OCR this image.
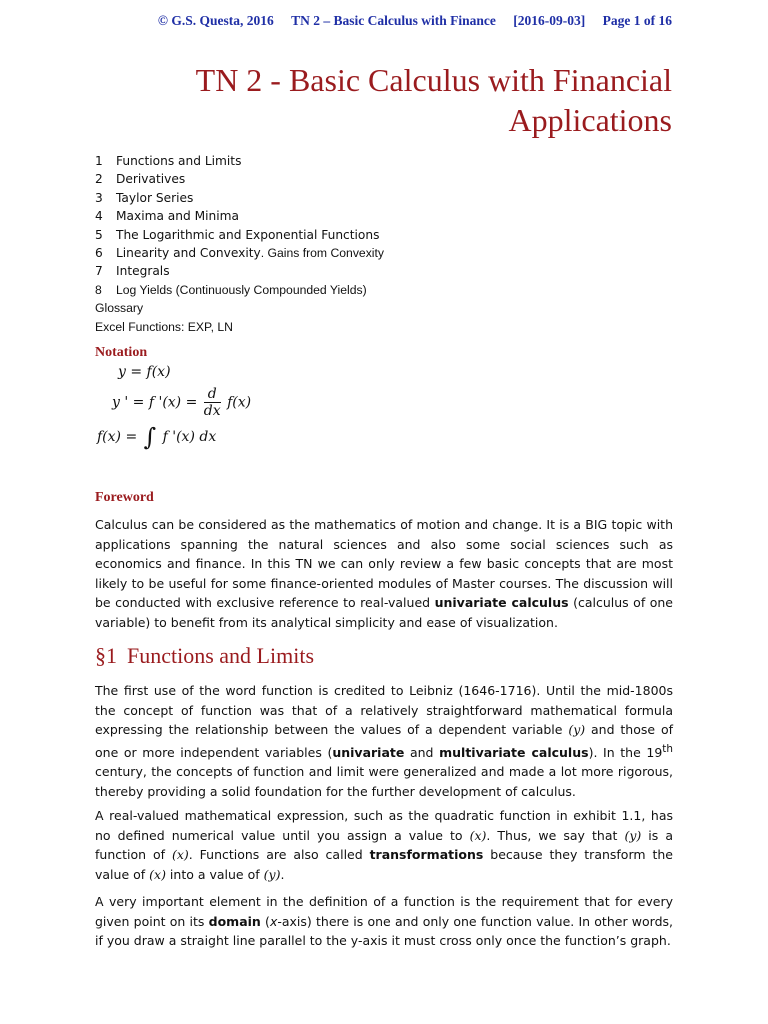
© G.S. Questa, 2016 TN 2 – Basic Calculus with Finance [2016-09-03] Page 1 of 16
TN 2 - Basic Calculus with Financial
Applications
1 Functions and Limits
2 Derivatives
3 Taylor Series
4 Maxima and Minima
5 The Logarithmic and Exponential Functions
6 Linearity and Convexity. Gains from Convexity
7 Integrals
8 Log Yields (Continuously Compounded Yields)
Glossary
Excel Functions: EXP, LN
Notation
y = f(x)
y ' = f '$(x) = \frac{d}{dx} f(x)$
f(x) = ∫ f '(x) dx
Foreword

Calculus can be considered as the mathematics of motion and change. It is a BIG topic with applications spanning the natural sciences and also some social sciences such as economics and finance. In this TN we can only review a few basic concepts that are most likely to be useful for some finance-oriented modules of Master courses. The discussion will be conducted with exclusive reference to real-valued univariate calculus (calculus of one variable) to benefit from its analytical simplicity and ease of visualization.

§1 Functions and Limits

The first use of the word function is credited to Leibniz (1646-1716). Until the mid-1800s the concept of function was that of a relatively straightforward mathematical formula expressing the relationship between the values of a dependent variable (y) and those of one or more independent variables (univariate and multivariate calculus). In the 19th century, the concepts of function and limit were generalized and made a lot more rigorous, thereby providing a solid foundation for the further development of calculus.

A real-valued mathematical expression, such as the quadratic function in exhibit 1.1, has no defined numerical value until you assign a value to (x). Thus, we say that (y) is a function of (x). Functions are also called transformations because they transform the value of (x) into a value of (y).

A very important element in the definition of a function is the requirement that for every given point on its domain (x-axis) there is one and only one function value. In other words, if you draw a straight line parallel to the y-axis it must cross only once the function’s graph.
